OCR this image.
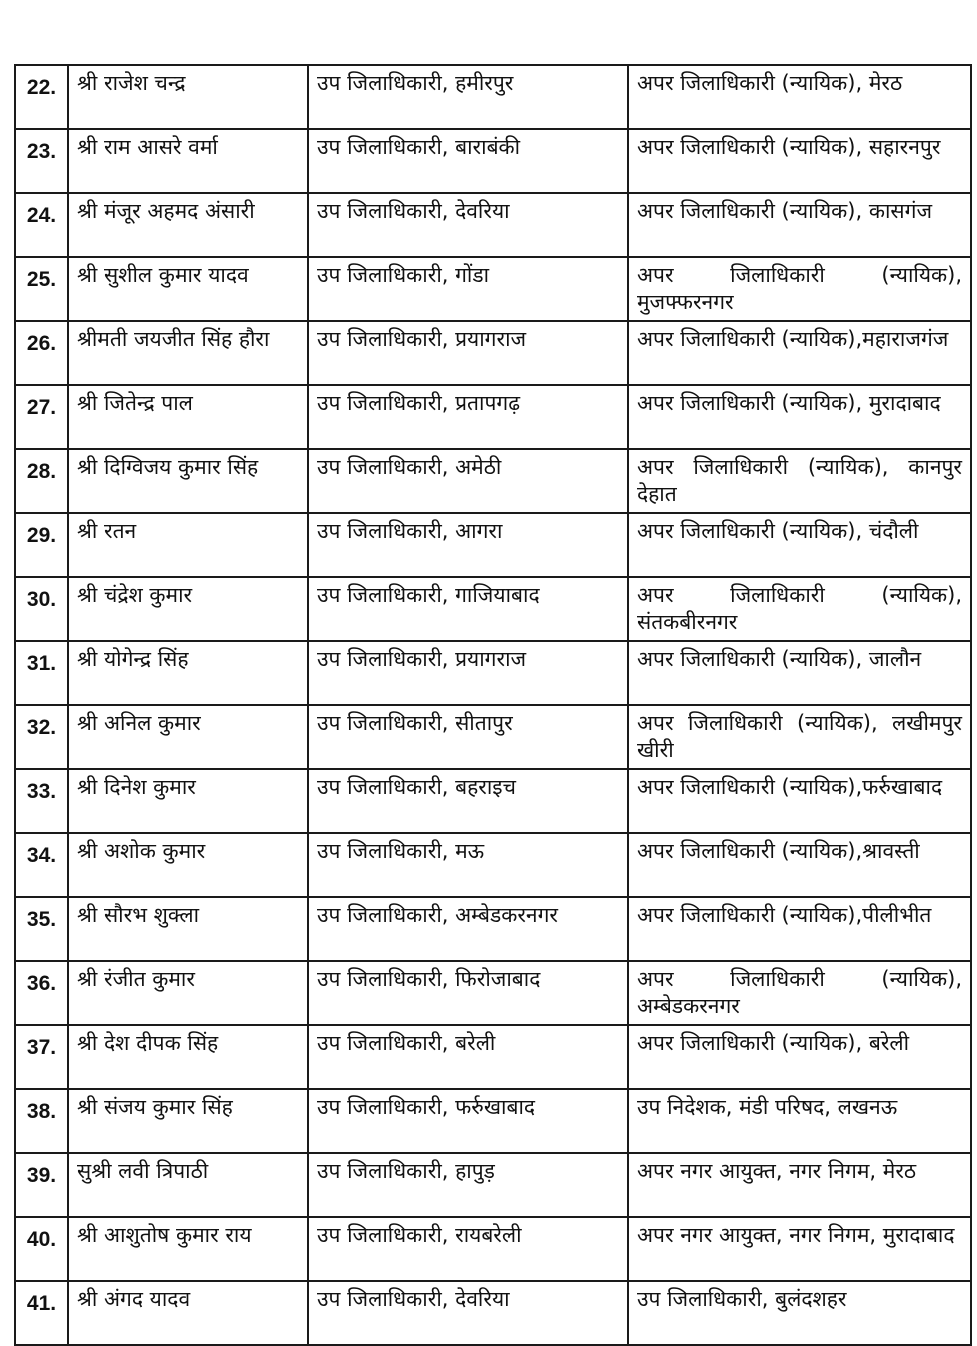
22.	श्री राजेश चन्द्र	उप जिलाधिकारी, हमीरपुर	अपर जिलाधिकारी (न्यायिक), मेरठ
23.	श्री राम आसरे वर्मा	उप जिलाधिकारी, बाराबंकी	अपर जिलाधिकारी (न्यायिक), सहारनपुर
24.	श्री मंजूर अहमद अंसारी	उप जिलाधिकारी, देवरिया	अपर जिलाधिकारी (न्यायिक), कासगंज
25.	श्री सुशील कुमार यादव	उप जिलाधिकारी, गोंडा	अपर जिलाधिकारी (न्यायिक), मुजफ्फरनगर
26.	श्रीमती जयजीत सिंह हौरा	उप जिलाधिकारी, प्रयागराज	अपर जिलाधिकारी (न्यायिक),महाराजगंज
27.	श्री जितेन्द्र पाल	उप जिलाधिकारी, प्रतापगढ़	अपर जिलाधिकारी (न्यायिक), मुरादाबाद
28.	श्री दिग्विजय कुमार सिंह	उप जिलाधिकारी, अमेठी	अपर जिलाधिकारी (न्यायिक), कानपुर देहात
29.	श्री रतन	उप जिलाधिकारी, आगरा	अपर जिलाधिकारी (न्यायिक), चंदौली
30.	श्री चंद्रेश कुमार	उप जिलाधिकारी, गाजियाबाद	अपर जिलाधिकारी (न्यायिक), संतकबीरनगर
31.	श्री योगेन्द्र सिंह	उप जिलाधिकारी, प्रयागराज	अपर जिलाधिकारी (न्यायिक), जालौन
32.	श्री अनिल कुमार	उप जिलाधिकारी, सीतापुर	अपर जिलाधिकारी (न्यायिक), लखीमपुर खीरी
33.	श्री दिनेश कुमार	उप जिलाधिकारी, बहराइच	अपर जिलाधिकारी (न्यायिक),फर्रुखाबाद
34.	श्री अशोक कुमार	उप जिलाधिकारी, मऊ	अपर जिलाधिकारी (न्यायिक),श्रावस्ती
35.	श्री सौरभ शुक्ला	उप जिलाधिकारी, अम्बेडकरनगर	अपर जिलाधिकारी (न्यायिक),पीलीभीत
36.	श्री रंजीत कुमार	उप जिलाधिकारी, फिरोजाबाद	अपर जिलाधिकारी (न्यायिक), अम्बेडकरनगर
37.	श्री देश दीपक सिंह	उप जिलाधिकारी, बरेली	अपर जिलाधिकारी (न्यायिक), बरेली
38.	श्री संजय कुमार सिंह	उप जिलाधिकारी, फर्रुखाबाद	उप निदेशक, मंडी परिषद, लखनऊ
39.	सुश्री लवी त्रिपाठी	उप जिलाधिकारी, हापुड़	अपर नगर आयुक्त, नगर निगम, मेरठ
40.	श्री आशुतोष कुमार राय	उप जिलाधिकारी, रायबरेली	अपर नगर आयुक्त, नगर निगम, मुरादाबाद
41.	श्री अंगद यादव	उप जिलाधिकारी, देवरिया	उप जिलाधिकारी, बुलंदशहर
